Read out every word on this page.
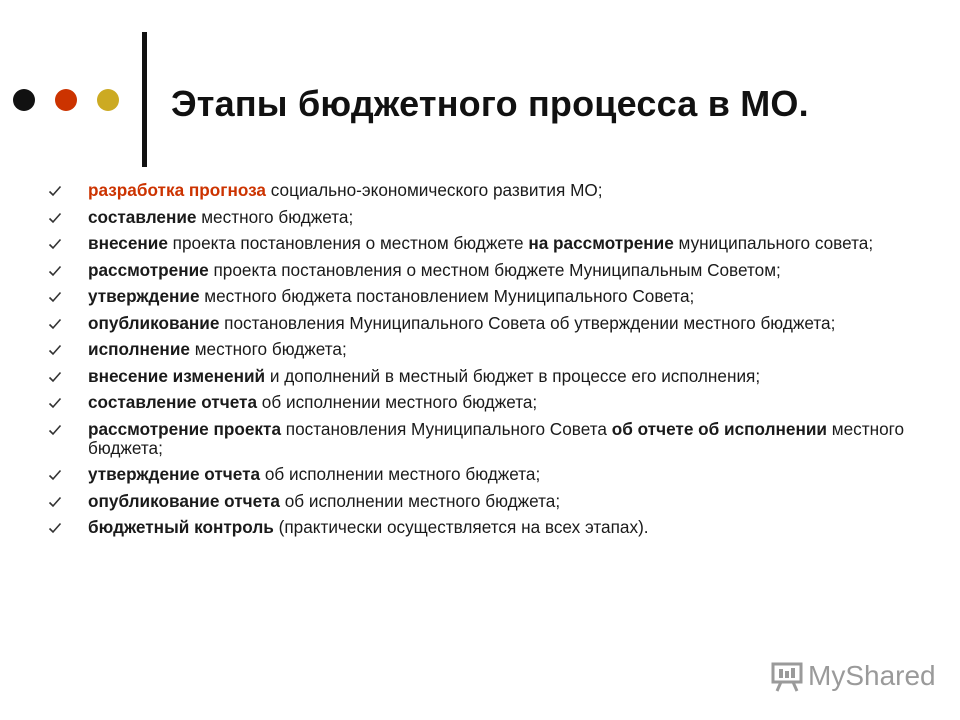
Этапы бюджетного процесса в МО.
разработка прогноза социально-экономического развития МО;
составление местного бюджета;
внесение проекта постановления о местном бюджете на рассмотрение муниципального совета;
рассмотрение проекта постановления о местном бюджете Муниципальным Советом;
утверждение местного бюджета постановлением Муниципального Совета;
опубликование постановления Муниципального Совета об утверждении местного бюджета;
исполнение местного бюджета;
внесение изменений и дополнений в местный бюджет в процессе его исполнения;
составление отчета об исполнении местного бюджета;
рассмотрение проекта постановления Муниципального Совета об отчете об исполнении местного бюджета;
утверждение отчета об исполнении местного бюджета;
опубликование отчета об исполнении местного бюджета;
бюджетный контроль (практически осуществляется на всех этапах).
MyShared
